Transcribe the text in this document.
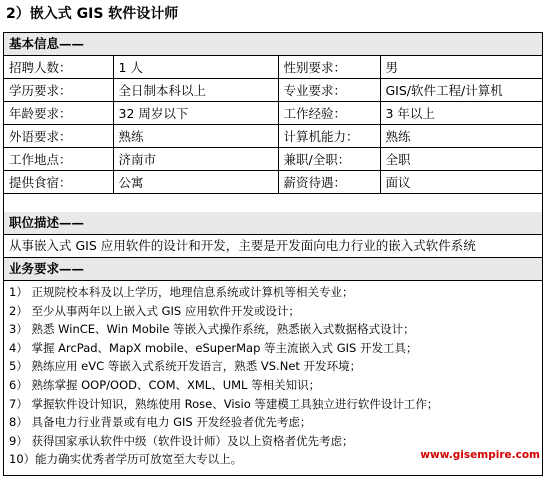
2）嵌入式 GIS 软件设计师
基本信息——
招聘人数：	1 人	性别要求：	男
学历要求：	全日制本科以上	专业要求：	GIS/软件工程/计算机
年龄要求：	32 周岁以下	工作经验：	3 年以上
外语要求：	熟练	计算机能力：	熟练
工作地点：	济南市	兼职/全职：	全职
提供食宿：	公寓	薪资待遇：	面议
职位描述——
从事嵌入式 GIS 应用软件的设计和开发，主要是开发面向电力行业的嵌入式软件系统
业务要求——
1） 正规院校本科及以上学历，地理信息系统或计算机等相关专业；
2） 至少从事两年以上嵌入式 GIS 应用软件开发或设计；
3） 熟悉 WinCE、Win Mobile 等嵌入式操作系统，熟悉嵌入式数据格式设计；
4） 掌握 ArcPad、MapX mobile、eSuperMap 等主流嵌入式 GIS 开发工具；
5） 熟练应用 eVC 等嵌入式系统开发语言，熟悉 VS.Net 开发环境；
6） 熟练掌握 OOP/OOD、COM、XML、UML 等相关知识；
7） 掌握软件设计知识，熟练使用 Rose、Visio 等建模工具独立进行软件设计工作；
8） 具备电力行业背景或有电力 GIS 开发经验者优先考虑；
9） 获得国家承认软件中级（软件设计师）及以上资格者优先考虑；
10）能力确实优秀者学历可放宽至大专以上。	www.gisempire.com
